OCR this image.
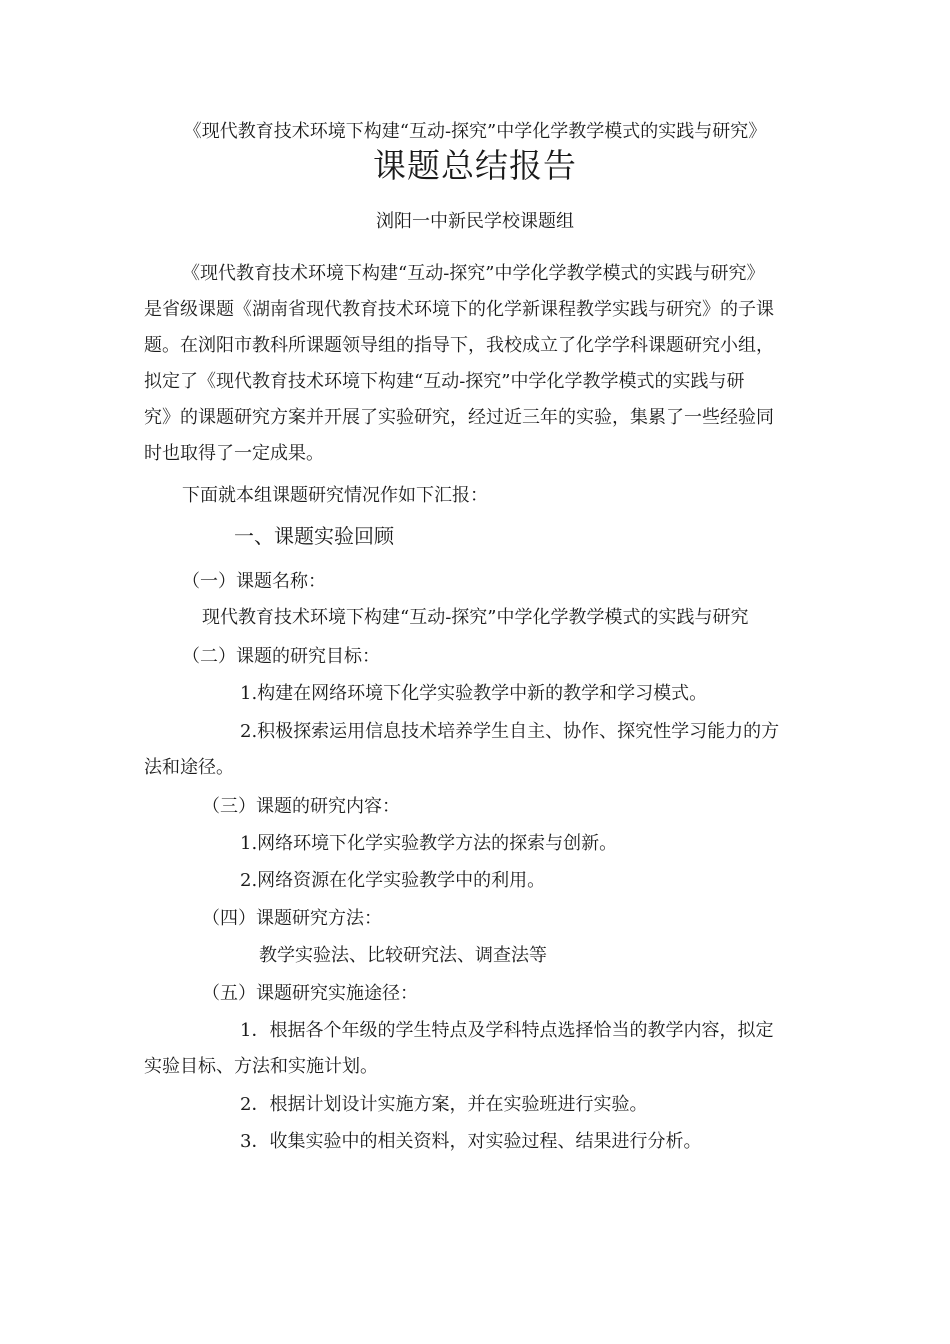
《现代教育技术环境下构建“互动-探究”中学化学教学模式的实践与研究》
课题总结报告
浏阳一中新民学校课题组
《现代教育技术环境下构建“互动-探究”中学化学教学模式的实践与研究》
是省级课题《湖南省现代教育技术环境下的化学新课程教学实践与研究》的子课
题。在浏阳市教科所课题领导组的指导下，我校成立了化学学科课题研究小组，
拟定了《现代教育技术环境下构建“互动-探究”中学化学教学模式的实践与研
究》的课题研究方案并开展了实验研究，经过近三年的实验，集累了一些经验同
时也取得了一定成果。
下面就本组课题研究情况作如下汇报：
一、课题实验回顾
（一）课题名称：
现代教育技术环境下构建“互动-探究”中学化学教学模式的实践与研究
（二）课题的研究目标：
1.构建在网络环境下化学实验教学中新的教学和学习模式。
2.积极探索运用信息技术培养学生自主、协作、探究性学习能力的方
法和途径。
（三）课题的研究内容：
1.网络环境下化学实验教学方法的探索与创新。
2.网络资源在化学实验教学中的利用。
（四）课题研究方法：
教学实验法、比较研究法、调查法等
（五）课题研究实施途径：
1．根据各个年级的学生特点及学科特点选择恰当的教学内容，拟定
实验目标、方法和实施计划。
2．根据计划设计实施方案，并在实验班进行实验。
3．收集实验中的相关资料，对实验过程、结果进行分析。
